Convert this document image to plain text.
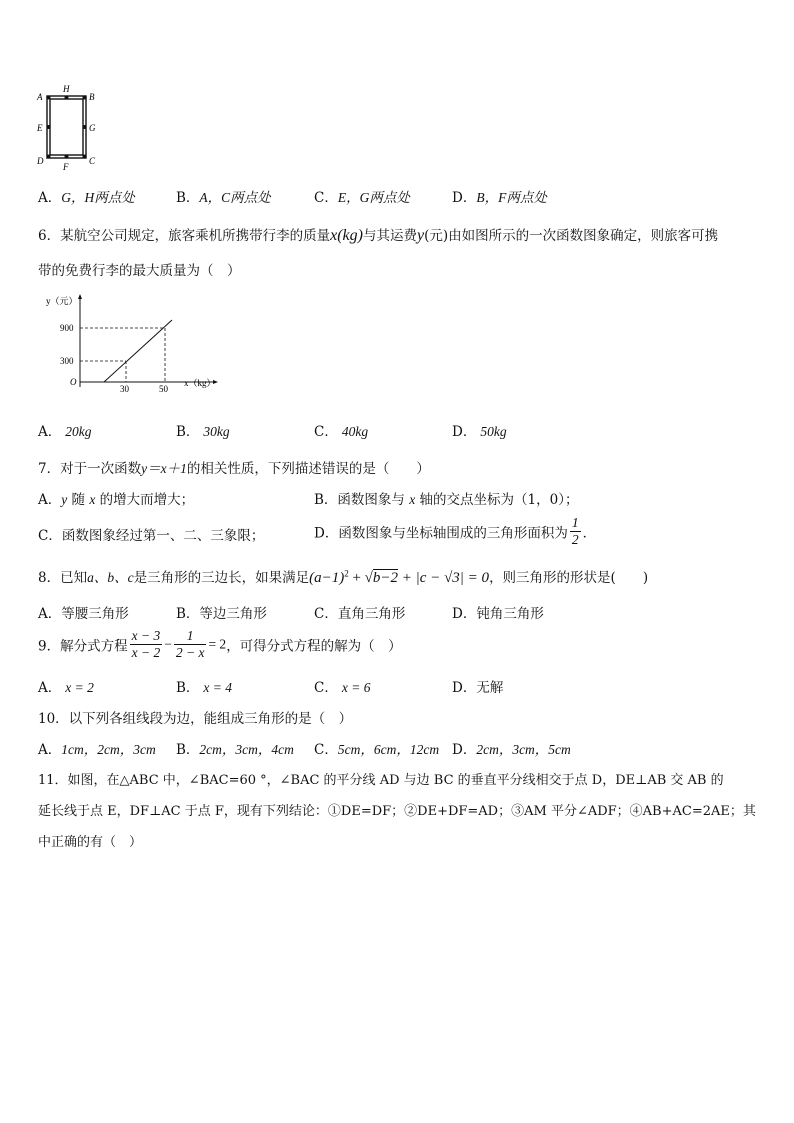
A
H
B
E	G
D
F
C
A．G，H两点处	B．A，C两点处	C．E，G两点处	D．B，F两点处
6．某航空公司规定，旅客乘机所携带行李的质量x(kg)与其运费y(元)由如图所示的一次函数图象确定，则旅客可携
带的免费行李的最大质量为（　）
y（元）
900
300
O
30	50
x（kg）
A． 20kg	B． 30kg	C． 40kg	D． 50kg
7．对于一次函数y＝x＋1的相关性质，下列描述错误的是（　　）
A．y 随 x 的增大而增大；	B．函数图象与 x 轴的交点坐标为（1，0）；
C．函数图象经过第一、二、三象限；	D．函数图象与坐标轴围成的三角形面积为 $\frac{1}{2}$ ．
8．已知a、b、c是三角形的三边长，如果满足$(a-1)^2 + √b-2 + |c - √3| = 0$，则三角形的形状是(　　)
A．等腰三角形	B．等边三角形	C．直角三角形	D．钝角三角形
9．解分式方程 $\frac{x - 3}{x - 2} - \frac{1}{2 - x} = 2$，可得分式方程的解为（　）
A． x = 2	B． x = 4	C． x = 6	D．无解
10．以下列各组线段为边，能组成三角形的是（　）
A．1cm，2cm，3cm B．2cm，3cm，4cm C．5cm，6cm，12cm D．2cm，3cm，5cm
11．如图，在△ABC 中，∠BAC=60 °，∠BAC 的平分线 AD 与边 BC 的垂直平分线相交于点 D，DE⊥AB 交 AB 的
延长线于点 E，DF⊥AC 于点 F，现有下列结论：①DE=DF；②DE+DF=AD；③AM 平分∠ADF；④AB+AC=2AE；其
中正确的有（　）
